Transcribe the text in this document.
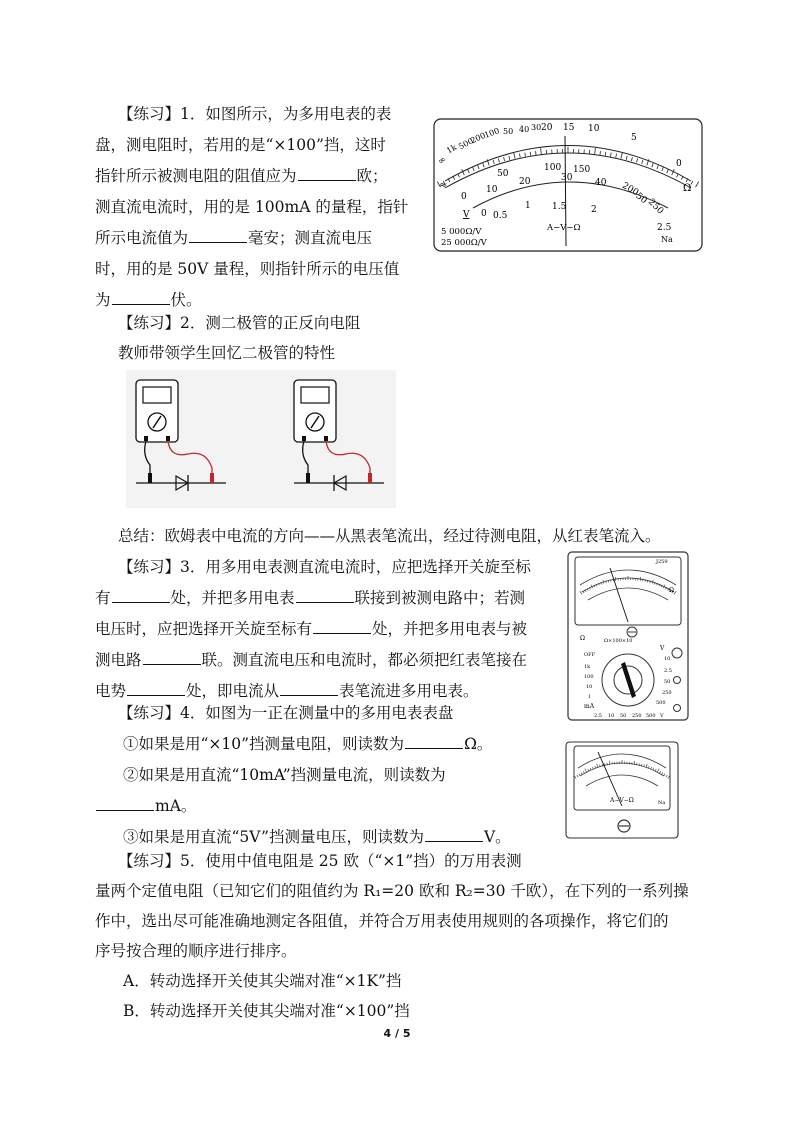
【练习】1．如图所示，为多用电表的表
盘，测电阻时，若用的是“×100”挡，这时
指针所示被测电阻的阻值应为	欧；
测直流电流时，用的是 100mA 的量程，指针
所示电流值为	毫安；测直流电压
时，用的是 50V 量程，则指针所示的电压值
为	伏。
∞
1k
500
200
100 50 40 30 20 15 10
5
0
Ω
≈
0
10
50
20
100
30
150
40 200
50
250
0 0.5
1 1.5	2
2.5
V
5 000Ω/V
25 000Ω/V
A−V−Ω
Na
【练习】2．测二极管的正反向电阻
教师带领学生回忆二极管的特性
总结：欧姆表中电流的方向——从黑表笔流出，经过待测电阻，从红表笔流入。
【练习】3．用多用电表测直流电流时，应把选择开关旋至标
有	处，并把多用电表	联接到被测电路中；若测
电压时，应把选择开关旋至标有	处，并把多用电表与被
测电路	联。测直流电压和电流时，都必须把红表笔接在
电势	处，即电流从	表笔流进多用电表。
J259
Ω
Ω	Ω×100×10
OFF
V
10
2.5
50
250
500
1k
100
10
1
mA
2.5 10 50 250 500 V
【练习】4．如图为一正在测量中的多用电表表盘
①如果是用“×10”挡测量电阻，则读数为	Ω。
②如果是用直流“10mA”挡测量电流，则读数为
mA。
③如果是用直流“5V”挡测量电压，则读数为	V。
A−V−Ω	Na
【练习】5．使用中值电阻是 25 欧（“×1”挡）的万用表测
量两个定值电阻（已知它们的阻值约为 R₁=20 欧和 R₂=30 千欧），在下列的一系列操
作中，选出尽可能准确地测定各阻值，并符合万用表使用规则的各项操作，将它们的
序号按合理的顺序进行排序。
A．转动选择开关使其尖端对准“×1K”挡
B．转动选择开关使其尖端对准“×100”挡
4 / 5
